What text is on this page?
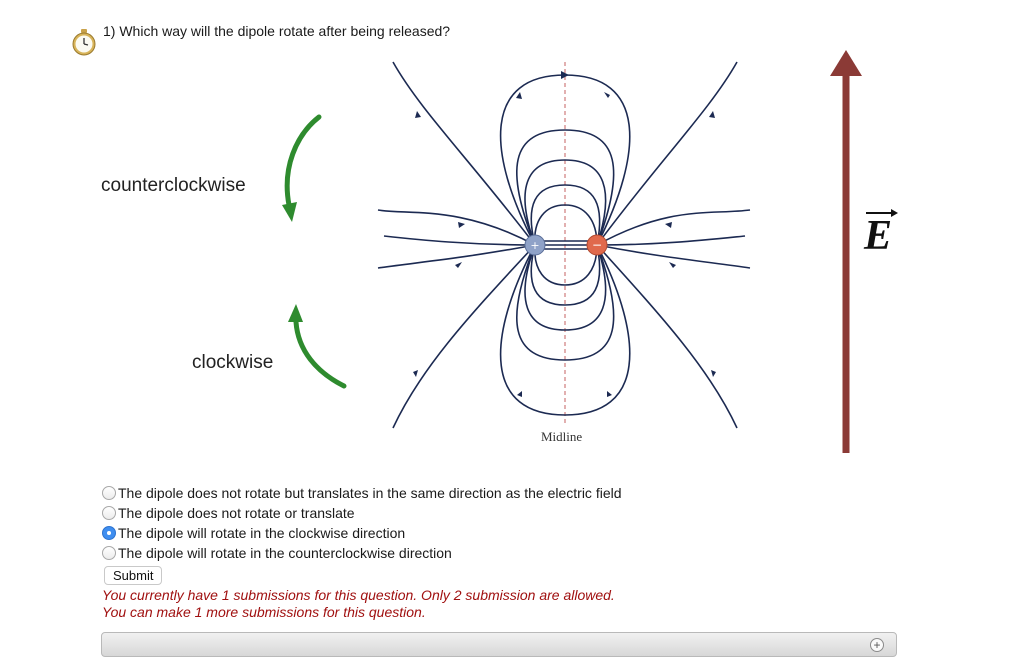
1) Which way will the dipole rotate after being released?
+	−
counterclockwise
clockwise
Midline
E
The dipole does not rotate but translates in the same direction as the electric field
The dipole does not rotate or translate
The dipole will rotate in the clockwise direction
The dipole will rotate in the counterclockwise direction
Submit
You currently have 1 submissions for this question. Only 2 submission are allowed.
You can make 1 more submissions for this question.
+
